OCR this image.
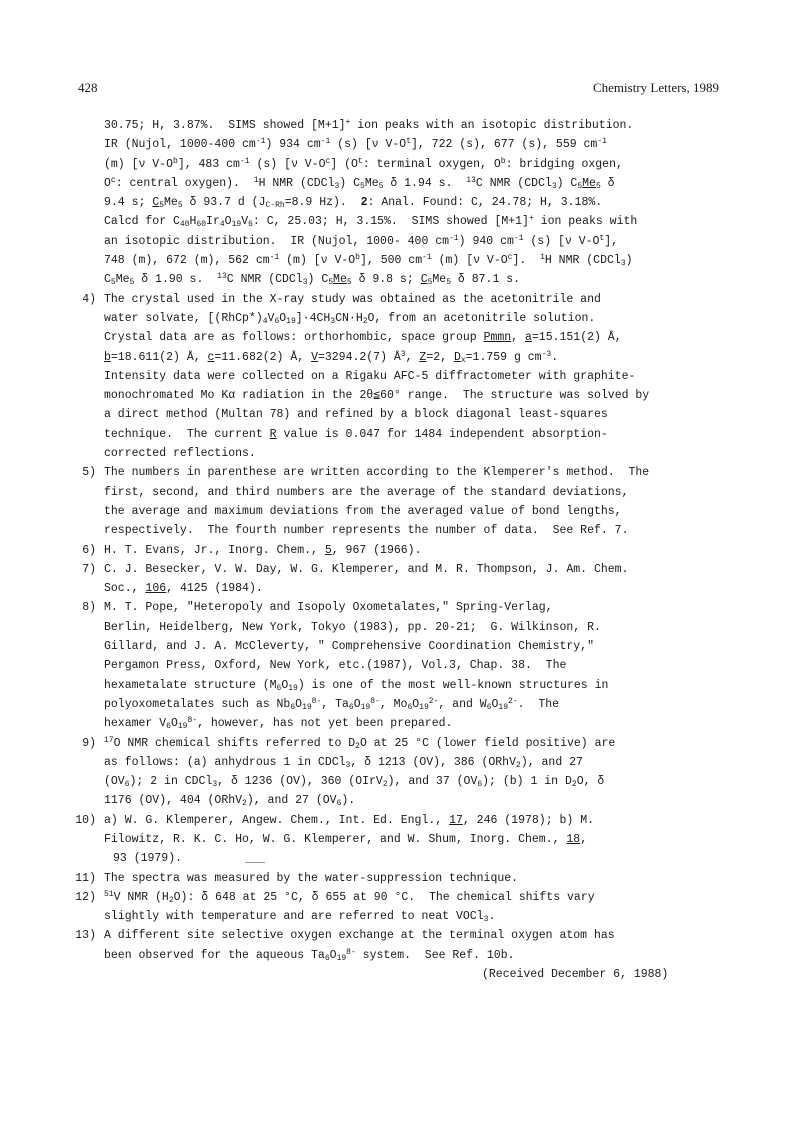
428	Chemistry Letters, 1989
30.75; H, 3.87%.  SIMS showed [M+1]+ ion peaks with an isotopic distribution.
IR (Nujol, 1000-400 $cm^{-1}$) 934 $cm^{-1}$ (s) [ν $V-O^t$], 722 (s), 677 (s), 559 $cm^{-1}$
(m) [ν $V-O^b$], 483 $cm^{-1}$ (s) [ν $V-O^c$] ($O^t$: terminal oxygen, $O^b$: bridging oxgen,
$O^c$: central oxygen).  $^1$H NMR (CDCl$_3$) $C_5Me_5$ δ 1.94 s.  $^{13}$C NMR (CDCl$_3$) $C_5Me_5$ δ
9.4 s; $C_5Me_5$ δ 93.7 d ($J_{C-Rh}=8.9$ Hz).  2: Anal. Found: C, 24.78; H, 3.18%.
Calcd for $C_{40}H_{60}Ir_4O_{19}V_6$: C, 25.03; H, 3.15%.  SIMS showed [M+1]+ ion peaks with
an isotopic distribution.  IR (Nujol, 1000- 400 $cm^{-1}$) 940 $cm^{-1}$ (s) [ν $V-O^t$],
748 (m), 672 (m), 562 $cm^{-1}$ (m) [ν $V-O^b$], 500 $cm^{-1}$ (m) [ν $V-O^c$].  $^1$H NMR (CDCl$_3$)
$C_5Me_5$ δ 1.90 s.  $^{13}$C NMR (CDCl$_3$) $C_5Me_5$ δ 9.8 s; $C_5Me_5$ δ 87.1 s.
4) The crystal used in the X-ray study was obtained as the acetonitrile and
water solvate, $[(RhCp*)_4V_6O_{19}]\cdot 4CH_3CN\cdot H_2O$, from an acetonitrile solution.
Crystal data are as follows: orthorhombic, space group Pmmn, a=15.151(2) Å,
b=18.611(2) Å, c=11.682(2) Å, V=3294.2(7) $Å^3$, Z=2, $D_x=1.759$ g $cm^{-3}$.
Intensity data were collected on a Rigaku AFC-5 diffractometer with graphite-
monochromated Mo Kα radiation in the 2θ≦60° range.  The structure was solved by
a direct method (Multan 78) and refined by a block diagonal least-squares
technique.  The current R value is 0.047 for 1484 independent absorption-
corrected reflections.
5) The numbers in parenthese are written according to the Klemperer's method.  The
first, second, and third numbers are the average of the standard deviations,
the average and maximum deviations from the averaged value of bond lengths,
respectively.  The fourth number represents the number of data.  See Ref. 7.
6) H. T. Evans, Jr., Inorg. Chem., 5, 967 (1966).
7) C. J. Besecker, V. W. Day, W. G. Klemperer, and M. R. Thompson, J. Am. Chem.
Soc., 106, 4125 (1984).
8) M. T. Pope, "Heteropoly and Isopoly Oxometalates," Spring-Verlag,
Berlin, Heidelberg, New York, Tokyo (1983), pp. 20-21;  G. Wilkinson, R.
Gillard, and J. A. McCleverty, " Comprehensive Coordination Chemistry,"
Pergamon Press, Oxford, New York, etc.(1987), Vol.3, Chap. 38.  The
hexametalate structure $(M_6O_{19})$ is one of the most well-known structures in
polyoxometalates such as $Nb_6O_{19}^{8-}$, $Ta_6O_{19}^{8-}$, $Mo_6O_{19}^{2-}$, and $W_6O_{19}^{2-}$.  The
hexamer $V_6O_{19}^{8-}$, however, has not yet been prepared.
9) $^{17}$O NMR chemical shifts referred to $D_2O$ at 25 °C (lower field positive) are
as follows: (a) anhydrous 1 in CDCl$_3$, δ 1213 (OV), 386 (ORhV$_2$), and 27
$(OV_6)$; 2 in CDCl$_3$, δ 1236 (OV), 360 (OIrV$_2$), and 37 $(OV_6)$; (b) 1 in $D_2O$, δ
1176 (OV), 404 (ORhV$_2$), and 27 $(OV_6)$.
10) a) W. G. Klemperer, Angew. Chem., Int. Ed. Engl., 17, 246 (1978); b) M.
Filowitz, R. K. C. Ho, W. G. Klemperer, and W. Shum, Inorg. Chem., 18,
93 (1979).
11) The spectra was measured by the water-suppression technique.
12) $^{51}$V NMR $(H_2O)$: δ 648 at 25 °C, δ 655 at 90 °C.  The chemical shifts vary
slightly with temperature and are referred to neat VOCl$_3$.
13) A different site selective oxygen exchange at the terminal oxygen atom has
been observed for the aqueous $Ta_6O_{19}^{8-}$ system.  See Ref. 10b.
(Received December 6, 1988)
